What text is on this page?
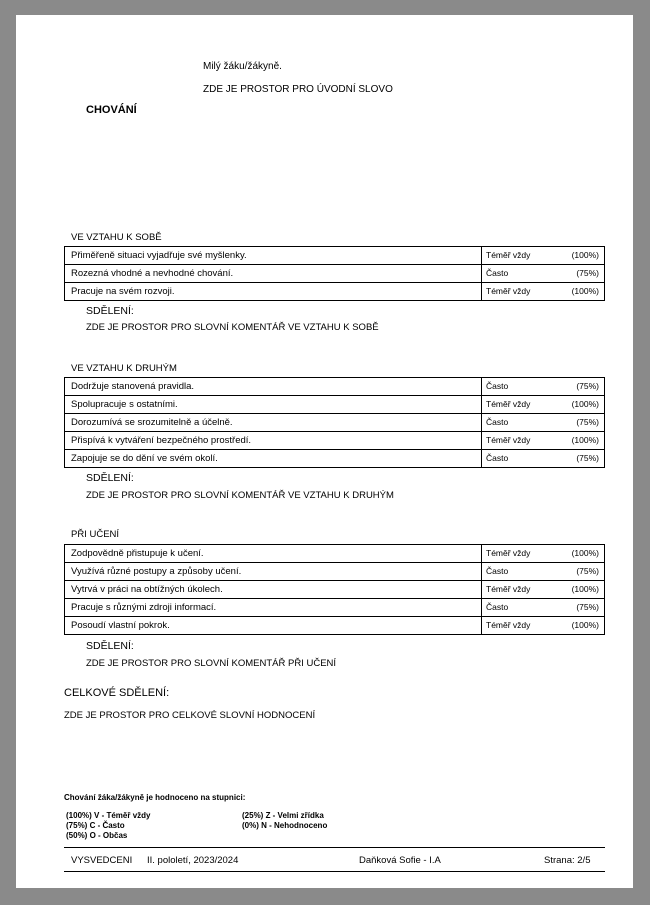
Milý žáku/žákyně.
ZDE JE PROSTOR PRO ÚVODNÍ SLOVO
CHOVÁNÍ
VE VZTAHU K SOBĚ
Přiměřeně situaci vyjadřuje své myšlenky.	Téměř vždy (100%)

Rozezná vhodné a nevhodné chování.	Často (75%)

Pracuje na svém rozvoji.	Téměř vždy (100%)
SDĚLENÍ:
ZDE JE PROSTOR PRO SLOVNÍ KOMENTÁŘ VE VZTAHU K SOBĚ
VE VZTAHU K DRUHÝM
Dodržuje stanovená pravidla.	Často (75%)

Spolupracuje s ostatními.	Téměř vždy (100%)

Dorozumívá se srozumitelně a účelně.	Často (75%)

Přispívá k vytváření bezpečného prostředí.	Téměř vždy (100%)

Zapojuje se do dění ve svém okolí.	Často (75%)
SDĚLENÍ:
ZDE JE PROSTOR PRO SLOVNÍ KOMENTÁŘ VE VZTAHU K DRUHÝM
PŘI UČENÍ
Zodpovědně přistupuje k učení.	Téměř vždy (100%)

Využívá různé postupy a způsoby učení.	Často (75%)

Vytrvá v práci na obtížných úkolech.	Téměř vždy (100%)

Pracuje s různými zdroji informací.	Často (75%)

Posoudí vlastní pokrok.	Téměř vždy (100%)
SDĚLENÍ:
ZDE JE PROSTOR PRO SLOVNÍ KOMENTÁŘ PŘI UČENÍ
CELKOVÉ SDĚLENÍ:
ZDE JE PROSTOR PRO CELKOVÉ SLOVNÍ HODNOCENÍ
Chování žáka/žákyně je hodnoceno na stupnici:
(100%) V - Téměř vždy
(75%) C - Často
(50%) O - Občas
(25%) Z - Velmi zřídka
(0%) N - Nehodnoceno
VYSVEDCENI II. pololetí, 2023/2024	Daňková Sofie - I.A	Strana: 2/5
